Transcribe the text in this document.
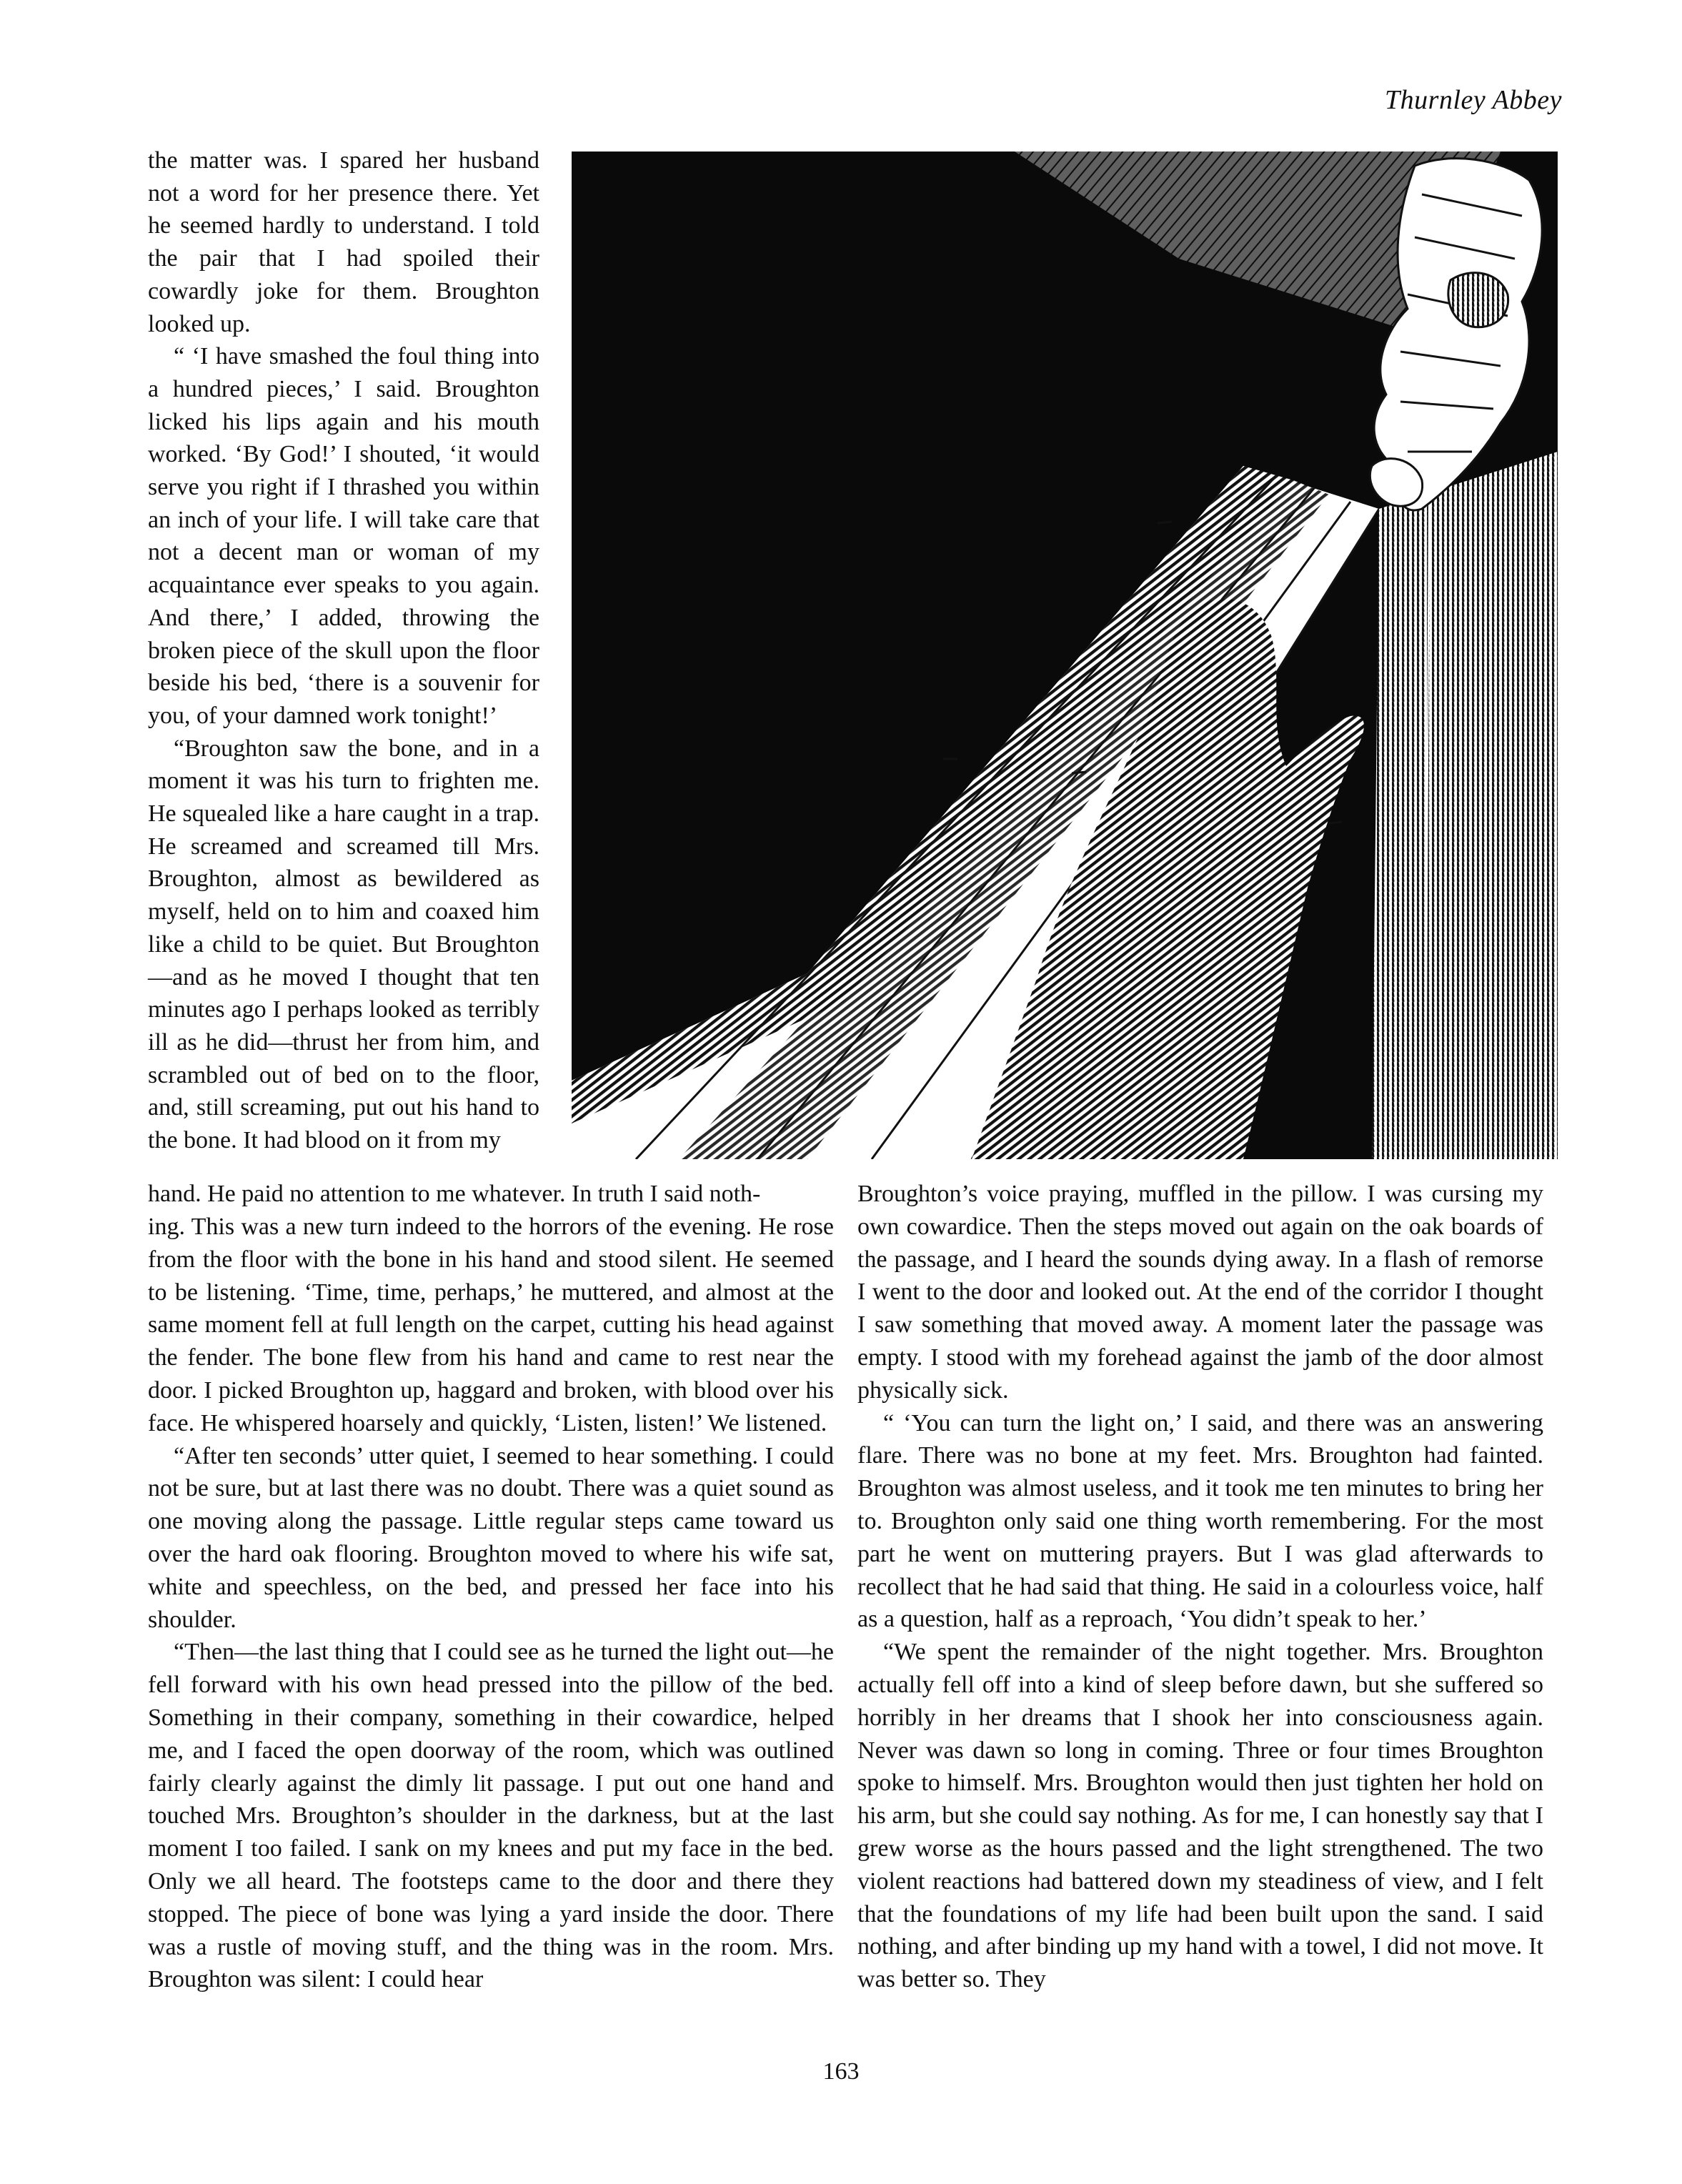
Thurnley Abbey

the matter was. I spared her husband not a word for her presence there. Yet he seemed hardly to understand. I told the pair that I had spoiled their cowardly joke for them. Broughton looked up.

“ ‘I have smashed the foul thing into a hundred pieces,’ I said. Broughton licked his lips again and his mouth worked. ‘By God!’ I shouted, ‘it would serve you right if I thrashed you within an inch of your life. I will take care that not a decent man or woman of my acquaintance ever speaks to you again. And there,’ I added, throwing the broken piece of the skull upon the floor beside his bed, ‘there is a souvenir for you, of your damned work tonight!’

“Broughton saw the bone, and in a moment it was his turn to frighten me. He squealed like a hare caught in a trap. He screamed and screamed till Mrs. Broughton, almost as bewildered as myself, held on to him and coaxed him like a child to be quiet. But Broughton—and as he moved I thought that ten minutes ago I perhaps looked as terribly ill as he did—thrust her from him, and scrambled out of bed on to the floor, and, still screaming, put out his hand to the bone. It had blood on it from my

hand. He paid no attention to me whatever. In truth I said noth-

ing. This was a new turn indeed to the horrors of the evening. He rose from the floor with the bone in his hand and stood silent. He seemed to be listening. ‘Time, time, perhaps,’ he muttered, and almost at the same moment fell at full length on the carpet, cutting his head against the fender. The bone flew from his hand and came to rest near the door. I picked Broughton up, haggard and broken, with blood over his face. He whispered hoarsely and quickly, ‘Listen, listen!’ We listened.

“After ten seconds’ utter quiet, I seemed to hear something. I could not be sure, but at last there was no doubt. There was a quiet sound as one moving along the passage. Little regular steps came toward us over the hard oak flooring. Broughton moved to where his wife sat, white and speechless, on the bed, and pressed her face into his shoulder.

“Then—the last thing that I could see as he turned the light out—he fell forward with his own head pressed into the pillow of the bed. Something in their company, something in their cowardice, helped me, and I faced the open doorway of the room, which was outlined fairly clearly against the dimly lit passage. I put out one hand and touched Mrs. Broughton’s shoulder in the darkness, but at the last moment I too failed. I sank on my knees and put my face in the bed. Only we all heard. The footsteps came to the door and there they stopped. The piece of bone was lying a yard inside the door. There was a rustle of moving stuff, and the thing was in the room. Mrs. Broughton was silent: I could hear

Broughton’s voice praying, muffled in the pillow. I was cursing my own cowardice. Then the steps moved out again on the oak boards of the passage, and I heard the sounds dying away. In a flash of remorse I went to the door and looked out. At the end of the corridor I thought I saw something that moved away. A moment later the passage was empty. I stood with my forehead against the jamb of the door almost physically sick.

“ ‘You can turn the light on,’ I said, and there was an answering flare. There was no bone at my feet. Mrs. Broughton had fainted. Broughton was almost useless, and it took me ten minutes to bring her to. Broughton only said one thing worth remembering. For the most part he went on muttering prayers. But I was glad afterwards to recollect that he had said that thing. He said in a colourless voice, half as a question, half as a reproach, ‘You didn’t speak to her.’

“We spent the remainder of the night together. Mrs. Broughton actually fell off into a kind of sleep before dawn, but she suffered so horribly in her dreams that I shook her into consciousness again. Never was dawn so long in coming. Three or four times Broughton spoke to himself. Mrs. Broughton would then just tighten her hold on his arm, but she could say nothing. As for me, I can honestly say that I grew worse as the hours passed and the light strengthened. The two violent reactions had battered down my steadiness of view, and I felt that the foundations of my life had been built upon the sand. I said nothing, and after binding up my hand with a towel, I did not move. It was better so. They

163
